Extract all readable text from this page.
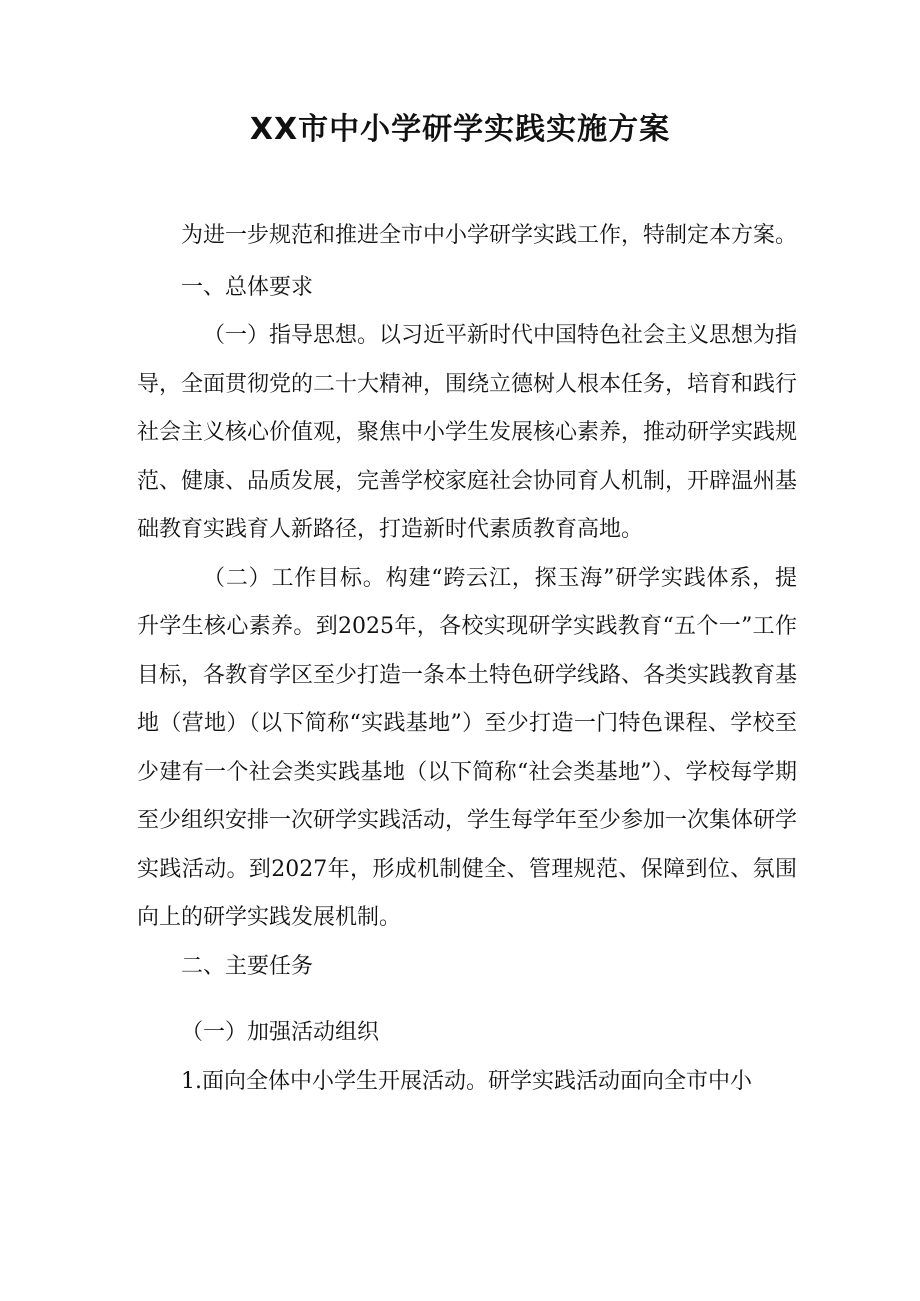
XX市中小学研学实践实施方案

为进一步规范和推进全市中小学研学实践工作，特制定本方案。

一、总体要求

（一）指导思想。以习近平新时代中国特色社会主义思想为指导，全面贯彻党的二十大精神，围绕立德树人根本任务，培育和践行社会主义核心价值观，聚焦中小学生发展核心素养，推动研学实践规范、健康、品质发展，完善学校家庭社会协同育人机制，开辟温州基础教育实践育人新路径，打造新时代素质教育高地。

（二）工作目标。构建“跨云江，探玉海”研学实践体系，提升学生核心素养。到2025年，各校实现研学实践教育“五个一”工作目标，各教育学区至少打造一条本土特色研学线路、各类实践教育基地（营地）（以下简称“实践基地”）至少打造一门特色课程、学校至少建有一个社会类实践基地（以下简称“社会类基地”）、学校每学期至少组织安排一次研学实践活动，学生每学年至少参加一次集体研学实践活动。到2027年，形成机制健全、管理规范、保障到位、氛围向上的研学实践发展机制。

二、主要任务

（一）加强活动组织

1.面向全体中小学生开展活动。研学实践活动面向全市中小
